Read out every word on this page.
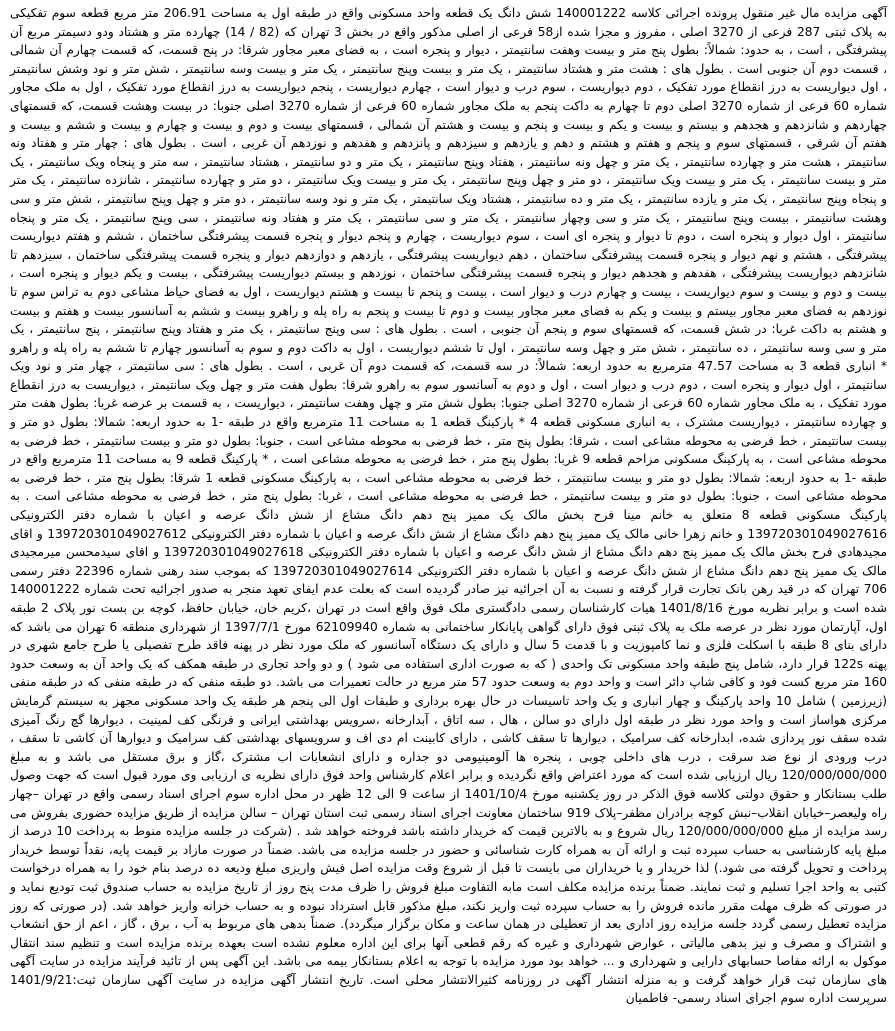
آگهی مزایده مال غیر منقول پرونده اجرائی کلاسه 140001222 شش دانگ یک قطعه واحد مسکونی واقع در طبقه اول به مساحت 206.91 متر مربع قطعه سوم تفکیکی به پلاک ثبتی 287 فرعی از 3270 اصلی ، مفروز و مجزا شده از58 فرعی از اصلی مذکور واقع در بخش 3 تهران که (82 / 14) چهارده متر و هشتاد ودو دسیمتر مربع آن پیشرفتگی ، است ، به حدود: شمالاً: بطول پنج متر و بیست وهفت سانتیمتر ، دیوار و پنجره است ، به فضای معبر مجاور شرقا: در پنج قسمت، که قسمت چهارم آن شمالی ، قسمت دوم آن جنوبی است . بطول های : هشت متر و هشتاد سانتیمتر ، یک متر و بیست وپنج سانتیمتر ، یک متر و بیست وسه سانتیمتر ، شش متر و نود وشش سانتیمتر ، اول دیواریست به درز انقطاع مورد تفکیک ، دوم دیواریست ، سوم درب و دیوار است ، چهارم دیواریست ، پنجم دیواریست به درز انقطاع مورد تفکیک ، اول به ملک مجاور شماره 60 فرعی از شماره 3270 اصلی دوم تا چهارم به داکت پنجم به ملک مجاور شماره 60 فرعی از شماره 3270 اصلی جنوبا: در بیست وهشت قسمت، که قسمتهای چهاردهم و شانزدهم و هجدهم و بیستم و بیست و یکم و بیست و پنجم و بیست و هشتم آن شمالی ، قسمتهای بیست و دوم و بیست و چهارم و بیست و ششم و بیست و هفتم آن شرقی ، قسمتهای سوم و پنجم و هفتم و هشتم و دهم و یازدهم و سیزدهم و پانزدهم و هفدهم و نوزدهم آن غربی ، است . بطول های : چهار متر و هفتاد ونه سانتیمتر ، هشت متر و چهارده سانتیمتر ، یک متر و چهل ونه سانتیمتر ، هفتاد وپنج سانتیمتر ، یک متر و دو سانتیمتر ، هشتاد سانتیمتر ، سه متر و پنجاه ویک سانتیمتر ، یک متر و بیست سانتیمتر ، یک متر و بیست ویک سانتیمتر ، دو متر و چهل وپنج سانتیمتر ، یک متر و بیست ویک سانتیمتر ، دو متر و چهارده سانتیمتر ، شانزده سانتیمتر ، یک متر و پنجاه وپنج سانتیمتر ، یک متر و یازده سانتیمتر ، یک متر و ده سانتیمتر ، هشتاد ویک سانتیمتر ، یک متر و نود وسه سانتیمتر ، دو متر و چهل وپنج سانتیمتر ، شش متر و سی وهشت سانتیمتر ، بیست وپنج سانتیمتر ، یک متر و سی وچهار سانتیمتر ، یک متر و سی سانتیمتر ، یک متر و هفتاد ونه سانتیمتر ، سی وپنج سانتیمتر ، یک متر و پنجاه سانتیمتر ، اول دیوار و پنجره است ، دوم تا دیوار و پنجره ای است ، سوم دیواریست ، چهارم و پنجم دیوار و پنجره قسمت پیشرفتگی ساختمان ، ششم و هفتم دیواریست پیشرفتگی ، هشتم و نهم دیوار و پنجره قسمت پیشرفتگی ساختمان ، دهم دیواریست پیشرفتگی ، یازدهم و دوازدهم دیوار و پنجره قسمت پیشرفتگی ساختمان ، سیزدهم تا شانزدهم دیواریست پیشرفتگی ، هفدهم و هجدهم دیوار و پنجره قسمت پیشرفتگی ساختمان ، نوزدهم و بیستم دیواریست پیشرفتگی ، بیست و یکم دیوار و پنجره است ، بیست و دوم و بیست و سوم دیواریست ، بیست و چهارم درب و دیوار است ، بیست و پنجم تا بیست و هشتم دیواریست ، اول به فضای حیاط مشاعی دوم به تراس سوم تا نوزدهم به فضای معبر مجاور بیستم و بیست و یکم به فضای معبر مجاور بیست و دوم تا بیست و پنجم به راه پله و راهرو بیست و ششم به آسانسور بیست و هفتم و بیست و هشتم به داکت غربا: در شش قسمت، که قسمتهای سوم و پنجم آن جنوبی ، است . بطول های : سی وپنج سانتیمتر ، یک متر و هفتاد وپنج سانتیمتر ، پنج سانتیمتر ، یک متر و سی وسه سانتیمتر ، ده سانتیمتر ، شش متر و چهل وسه سانتیمتر ، اول تا ششم دیواریست ، اول به داکت دوم و سوم به آسانسور چهارم تا ششم به راه پله و راهرو * انباری قطعه 3 به مساحت 47.57 مترمربع به حدود اربعه: شمالاً: در سه قسمت، که قسمت دوم آن غربی ، است . بطول های : سی سانتیمتر ، چهار متر و نود ویک سانتیمتر ، اول دیوار و پنجره است ، دوم درب و دیوار است ، اول و دوم به آسانسور سوم به راهرو شرقا: بطول هفت متر و چهل ویک سانتیمتر ، دیواریست به درز انقطاع مورد تفکیک ، به ملک مجاور شماره 60 فرعی از شماره 3270 اصلی جنوبا: بطول شش متر و چهل وهفت سانتیمتر ، دیواریست ، به قسمت بر عرصه غربا: بطول هفت متر و چهارده سانتیمتر ، دیواریست مشترک ، به انباری مسکونی قطعه 4 * پارکینگ قطعه 1 به مساحت 11 مترمربع واقع در طبقه -1 به حدود اربعه: شمالا: بطول دو متر و بیست سانتیمتر ، خط فرضی به محوطه مشاعی است ، شرقا: بطول پنج متر ، خط فرضی به محوطه مشاعی است ، جنوبا: بطول دو متر و بیست سانتیمتر ، خط فرضی به محوطه مشاعی است ، به پارکینگ مسکونی مزاحم قطعه 9 غربا: بطول پنج متر ، خط فرضی به محوطه مشاعی است ، * پارکینگ قطعه 9 به مساحت 11 مترمربع واقع در طبقه -1 به حدود اربعه: شمالا: بطول دو متر و بیست سانتیمتر ، خط فرضی به محوطه مشاعی است ، به پارکینگ مسکونی قطعه 1 شرقا: بطول پنج متر ، خط فرضی به محوطه مشاعی است ، جنوبا: بطول دو متر و بیست سانتیمتر ، خط فرضی به محوطه مشاعی است ، غربا: بطول پنج متر ، خط فرضی به محوطه مشاعی است . به پارکینگ مسکونی قطعه 8 متعلق به خانم مینا فرح بخش مالک یک ممیز پنج دهم دانگ مشاع از شش دانگ عرصه و اعیان با شماره دفتر الکترونیکی 139720301049027616 و خانم زهرا خانی مالک یک ممیز پنج دهم دانگ مشاع از شش دانگ عرصه و اعیان با شماره دفتر الکترونیکی 139720301049027612 و اقای مجیدهادی فرح بخش مالک یک ممیز پنج دهم دانگ مشاع از شش دانگ عرصه و اعیان با شماره دفتر الکترونیکی 139720301049027618 و اقای سیدمحسن میرمجیدی مالک یک ممیز پنج دهم دانگ مشاع از شش دانگ عرصه و اعیان با شماره دفتر الکترونیکی 139720301049027614 که بموجب سند رهنی شماره 22396 دفتر رسمی 706 تهران که در قید رهن بانک تجارت قرار گرفته و نسبت به آن اجرائیه نیز صادر گردیده است که بعلت عدم ایفای تعهد منجر به صدور اجرائیه تحت شماره 140001222 شده است و برابر نظریه مورخ 1401/8/16 هیات کارشناسان رسمی دادگستری ملک فوق واقع است در تهران ،کریم خان، خیابان حافظ، کوچه بن بست نور پلاک 2 طبقه اول، آپارتمان مورد نظر در عرصه ملک به پلاک ثبتی فوق دارای گواهی پایانکار ساختمانی به شماره 62109940 مورخ 1397/7/1 از شهرداری منطقه 6 تهران می باشد که دارای بنای 8 طبقه با اسکلت فلزی و نما کامپوزیت و با قدمت 5 سال و دارای یک دستگاه آسانسور که ملک مورد نظر در پهنه فاقد طرح تفصیلی یا طرح جامع شهری در پهنه 122s قرار دارد، شامل پنج طبقه واحد مسکونی تک واحدی ( که به صورت اداری استفاده می شود ) و دو واحد تجاری در طبقه همکف که یک واحد آن به وسعت حدود 160 متر مربع کست فود و کافی شاپ دائر است و واحد دوم به وسعت حدود 57 متر مربع در حالت تعمیرات می باشد. دو طبقه منفی که در طبقه منفی که در طبقه منفی (زیرزمین ) شامل 10 واحد پارکینگ و چهار انباری و یک واحد تاسیسات در حال بهره برداری و طبقات اول الی پنجم هر طبقه یک واحد مسکونی مجهز به سیستم گرمایش مرکزی هواساز است و واحد مورد نظر در طبقه اول دارای دو سالن ، هال ، سه اتاق ، آبدارخانه ،سرویس بهداشتی ایرانی و فرنگی کف لمینیت ، دیوارها گچ رنگ آمیزی شده سقف نور پردازی شده، ابدارخانه کف سرامیک ، دیوارها تا سقف کاشی ، دارای کابینت ام دی اف و سرویسهای بهداشتی کف سرامیک و دیوارها آن کاشی تا سقف ، درب ورودی از نوع ضد سرقت ، درب های داخلی چوبی ، پنجره ها آلومینیومی دو جداره و دارای انشعابات اب مشترک ،گاز و برق مستقل می باشد و به مبلغ 120/000/000/000 ریال ارزیابی شده است که مورد اعتراض واقع نگردیده و برابر اعلام کارشناس واحد فوق دارای نظریه ی ارزیابی وی مورد قبول است که جهت وصول طلب بستانکار و حقوق دولتی کلاسه فوق الذکر در روز یکشنبه مورخ 1401/10/4 از ساعت 9 الی 12 ظهر در محل اداره سوم اجرای اسناد رسمی واقع در تهران –چهار راه ولیعصر–خیابان انقلاب–نبش کوچه برادران مظفر–پلاک 919 ساختمان معاونت اجرای اسناد رسمی ثبت استان تهران – سالن مزایده از طریق مزایده حضوری بفروش می رسد مزایده از مبلغ 120/000/000/000 ریال شروع و به بالاترین قیمت که خریدار داشته باشد فروخته خواهد شد . (شرکت در جلسه مزایده منوط به پرداخت 10 درصد از مبلغ پایه کارشناسی به حساب سپرده ثبت و ارائه آن به همراه کارت شناسائی و حضور در جلسه مزایده می باشد. ضمناً در صورت مازاد بر قیمت پایه، نقداً توسط خریدار پرداخت و تحویل گرفته می شود.) لذا خریدار و یا خریداران می بایست تا قبل از شروع وقت مزایده اصل فیش واریزی مبلغ ودیعه ده درصد بنام خود را به همراه درخواست کتبی به واحد اجرا تسلیم و ثبت نمایند. ضمناً برنده مزایده مکلف است مابه التفاوت مبلغ فروش را ظرف مدت پنج روز از تاریخ مزایده به حساب صندوق ثبت تودیع نماید و در صورتی که ظرف مهلت مقرر مانده فروش را به حساب سپرده ثبت واریز نکند، مبلغ مذکور قابل استرداد نبوده و به حساب خزانه واریز خواهد شد. (در صورتی که روز مزایده تعطیل رسمی گردد جلسه مزایده روز اداری بعد از تعطیلی در همان ساعت و مکان برگزار میگردد). ضمناً بدهی های مربوط به آب ، برق ، گاز ، اعم از حق انشعاب و اشتراک و مصرف و نیز بدهی مالیاتی ، عوارض شهرداری و غیره که رقم قطعی آنها برای این اداره معلوم نشده است بعهده برنده مزایده است و تنظیم سند انتقال موکول به ارائه مفاصا حسابهای دارایی و شهرداری و ... خواهد بود مورد مزایده با توجه به اعلام بستانکار بیمه می باشد. این آگهی پس از تائید فرآیند مزایده در سایت آگهی های سازمان ثبت قرار خواهد گرفت و به منزله انتشار آگهی در روزنامه کثیرالانتشار محلی است. تاریخ انتشار آگهی مزایده در سایت آگهی سازمان ثبت:1401/9/21 سرپرست اداره سوم اجرای اسناد رسمی- فاطمیان
